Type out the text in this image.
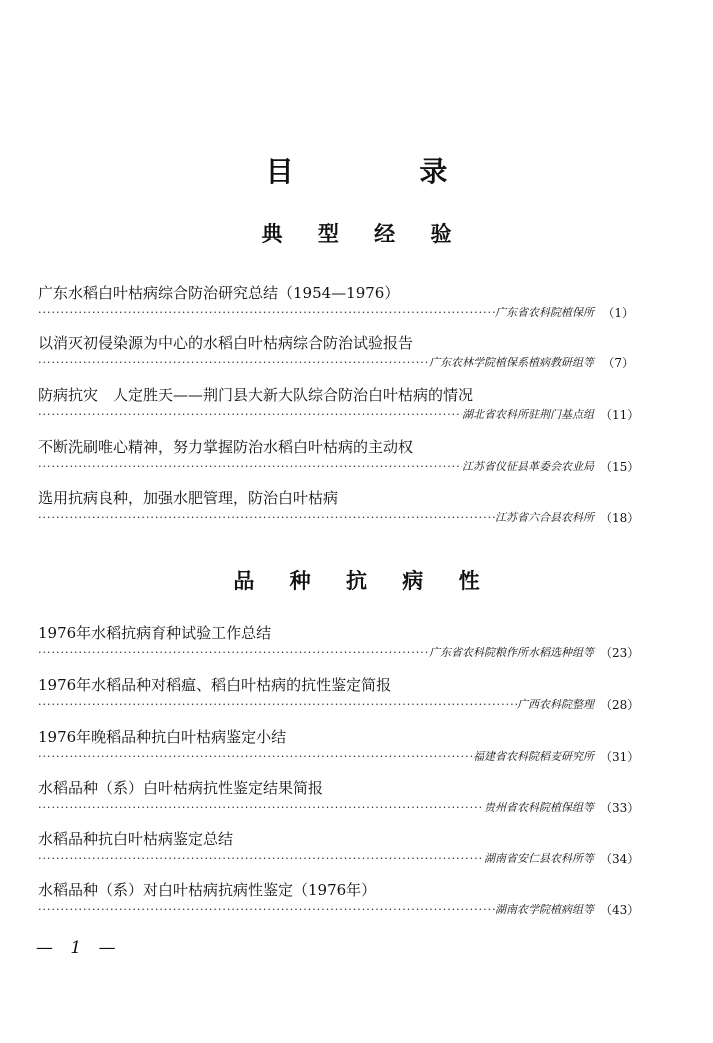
目 录
典 型 经 验
广东水稻白叶枯病综合防治研究总结（1954—1976）
·····
广东省农科院植保所 （1）
以消灭初侵染源为中心的水稻白叶枯病综合防治试验报告
·····
广东农林学院植保系植病教研组等 （7）
防病抗灾　人定胜天——荆门县大新大队综合防治白叶枯病的情况
·····
湖北省农科所驻荆门基点组 （11）
不断洗刷唯心精神，努力掌握防治水稻白叶枯病的主动权
·····
江苏省仪征县革委会农业局 （15）
选用抗病良种，加强水肥管理，防治白叶枯病
·····
江苏省六合县农科所 （18）
品 种 抗 病 性
1976年水稻抗病育种试验工作总结
·····
广东省农科院粮作所水稻选种组等 （23）
1976年水稻品种对稻瘟、稻白叶枯病的抗性鉴定简报
·····
广西农科院整理 （28）
1976年晚稻品种抗白叶枯病鉴定小结
·····
福建省农科院稻麦研究所 （31）
水稻品种（系）白叶枯病抗性鉴定结果简报
·····
贵州省农科院植保组等 （33）
水稻品种抗白叶枯病鉴定总结
·····
湖南省安仁县农科所等 （34）
水稻品种（系）对白叶枯病抗病性鉴定（1976年）
·····
湖南农学院植病组等 （43）
— 1 —
